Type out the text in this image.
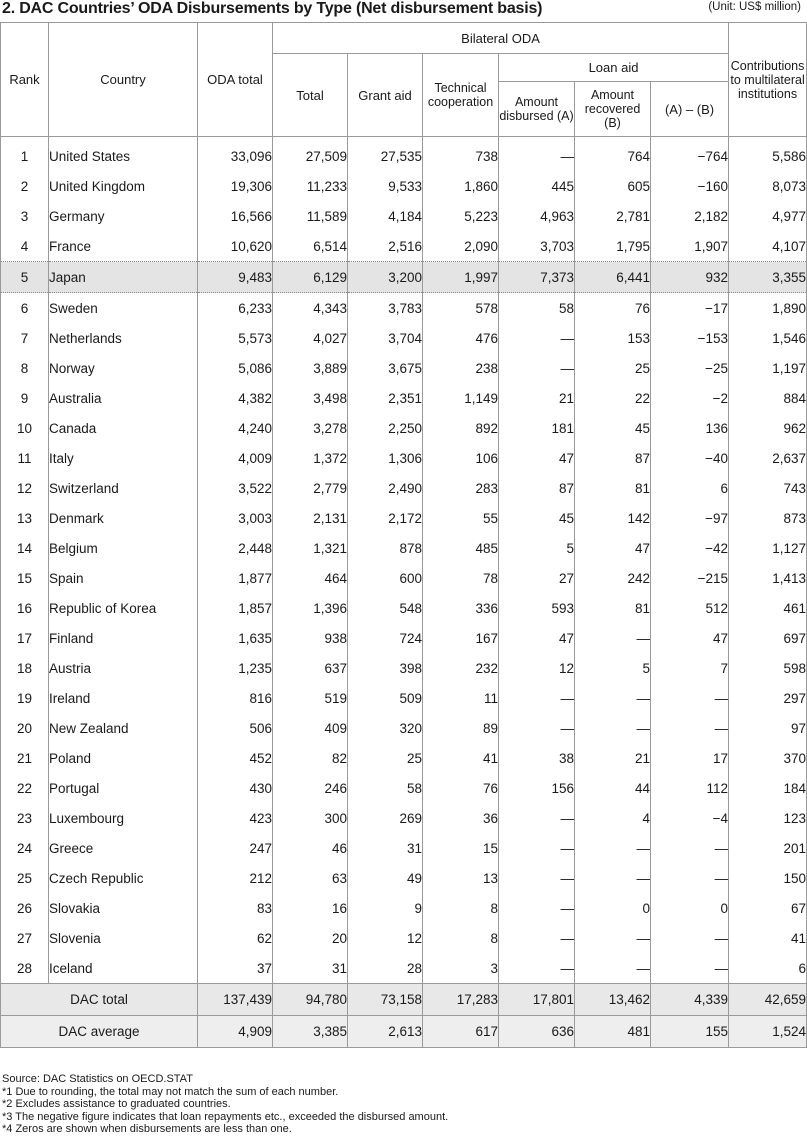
2. DAC Countries’ ODA Disbursements by Type (Net disbursement basis)	(Unit: US$ million)
Rank	Country	ODA total	Bilateral ODA						Contributions to multilateral institutions
			Total	Grant aid	Technical cooperation	Loan aid			
						Amount disbursed (A)	Amount recovered (B)	(A) – (B)	
1	United States	33,096	27,509	27,535	738	—	764	−764	5,586
2	United Kingdom	19,306	11,233	9,533	1,860	445	605	−160	8,073
3	Germany	16,566	11,589	4,184	5,223	4,963	2,781	2,182	4,977
4	France	10,620	6,514	2,516	2,090	3,703	1,795	1,907	4,107
5	Japan	9,483	6,129	3,200	1,997	7,373	6,441	932	3,355
6	Sweden	6,233	4,343	3,783	578	58	76	−17	1,890
7	Netherlands	5,573	4,027	3,704	476	—	153	−153	1,546
8	Norway	5,086	3,889	3,675	238	—	25	−25	1,197
9	Australia	4,382	3,498	2,351	1,149	21	22	−2	884
10	Canada	4,240	3,278	2,250	892	181	45	136	962
11	Italy	4,009	1,372	1,306	106	47	87	−40	2,637
12	Switzerland	3,522	2,779	2,490	283	87	81	6	743
13	Denmark	3,003	2,131	2,172	55	45	142	−97	873
14	Belgium	2,448	1,321	878	485	5	47	−42	1,127
15	Spain	1,877	464	600	78	27	242	−215	1,413
16	Republic of Korea	1,857	1,396	548	336	593	81	512	461
17	Finland	1,635	938	724	167	47	—	47	697
18	Austria	1,235	637	398	232	12	5	7	598
19	Ireland	816	519	509	11	—	—	—	297
20	New Zealand	506	409	320	89	—	—	—	97
21	Poland	452	82	25	41	38	21	17	370
22	Portugal	430	246	58	76	156	44	112	184
23	Luxembourg	423	300	269	36	—	4	−4	123
24	Greece	247	46	31	15	—	—	—	201
25	Czech Republic	212	63	49	13	—	—	—	150
26	Slovakia	83	16	9	8	—	0	0	67
27	Slovenia	62	20	12	8	—	—	—	41
28	Iceland	37	31	28	3	—	—	—	6
DAC total		137,439	94,780	73,158	17,283	17,801	13,462	4,339	42,659
DAC average		4,909	3,385	2,613	617	636	481	155	1,524
Source: DAC Statistics on OECD.STAT
*1 Due to rounding, the total may not match the sum of each number.
*2 Excludes assistance to graduated countries.
*3 The negative figure indicates that loan repayments etc., exceeded the disbursed amount.
*4 Zeros are shown when disbursements are less than one.
